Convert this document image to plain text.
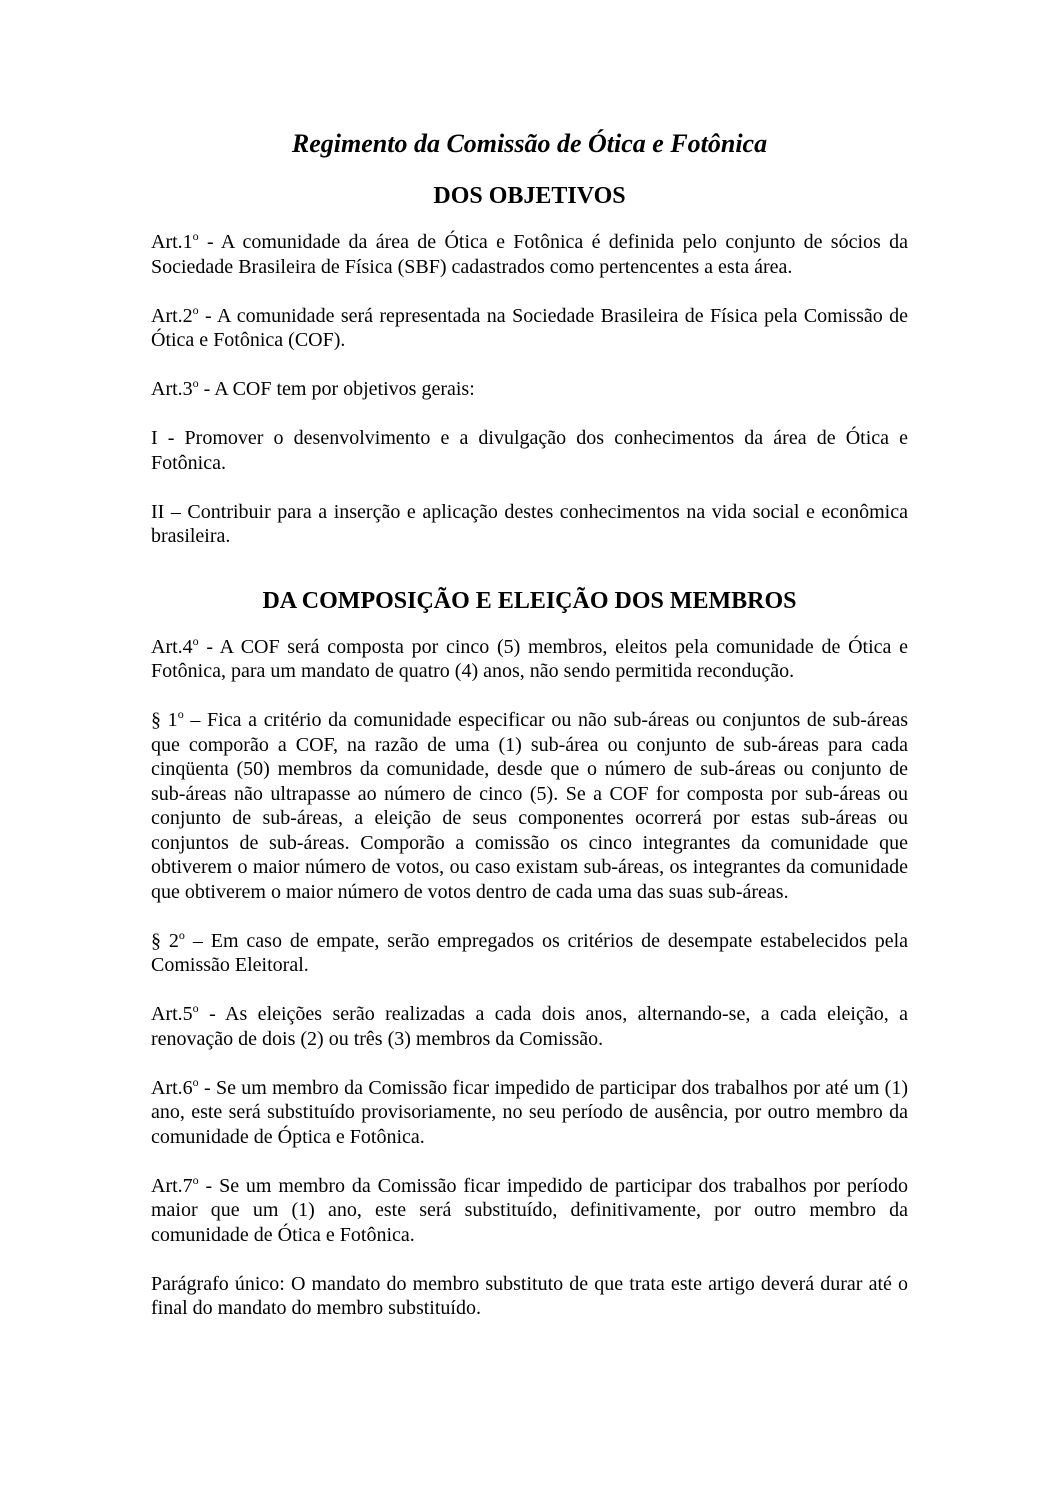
Regimento da Comissão de Ótica e Fotônica
DOS OBJETIVOS

Art.1$^o$ - A comunidade da área de Ótica e Fotônica é definida pelo conjunto de sócios da Sociedade Brasileira de Física (SBF) cadastrados como pertencentes a esta área.

Art.2$^o$ - A comunidade será representada na Sociedade Brasileira de Física pela Comissão de Ótica e Fotônica (COF).

Art.3$^o$ - A COF tem por objetivos gerais:

I - Promover o desenvolvimento e a divulgação dos conhecimentos da área de Ótica e Fotônica.

II – Contribuir para a inserção e aplicação destes conhecimentos na vida social e econômica brasileira.

DA COMPOSIÇÃO E ELEIÇÃO DOS MEMBROS

Art.4$^o$ - A COF será composta por cinco (5) membros, eleitos pela comunidade de Ótica e Fotônica, para um mandato de quatro (4) anos, não sendo permitida recondução.

§ 1$^o$ – Fica a critério da comunidade especificar ou não sub-áreas ou conjuntos de sub-áreas que comporão a COF, na razão de uma (1) sub-área ou conjunto de sub-áreas para cada cinqüenta (50) membros da comunidade, desde que o número de sub-áreas ou conjunto de sub-áreas não ultrapasse ao número de cinco (5). Se a COF for composta por sub-áreas ou conjunto de sub-áreas, a eleição de seus componentes ocorrerá por estas sub-áreas ou conjuntos de sub-áreas. Comporão a comissão os cinco integrantes da comunidade que obtiverem o maior número de votos, ou caso existam sub-áreas, os integrantes da comunidade que obtiverem o maior número de votos dentro de cada uma das suas sub-áreas.

§ 2$^o$ – Em caso de empate, serão empregados os critérios de desempate estabelecidos pela Comissão Eleitoral.

Art.5$^o$ - As eleições serão realizadas a cada dois anos, alternando-se, a cada eleição, a renovação de dois (2) ou três (3) membros da Comissão.

Art.6$^o$ - Se um membro da Comissão ficar impedido de participar dos trabalhos por até um (1) ano, este será substituído provisoriamente, no seu período de ausência, por outro membro da comunidade de Óptica e Fotônica.

Art.7$^o$ - Se um membro da Comissão ficar impedido de participar dos trabalhos por período maior que um (1) ano, este será substituído, definitivamente, por outro membro da comunidade de Ótica e Fotônica.

Parágrafo único: O mandato do membro substituto de que trata este artigo deverá durar até o final do mandato do membro substituído.
